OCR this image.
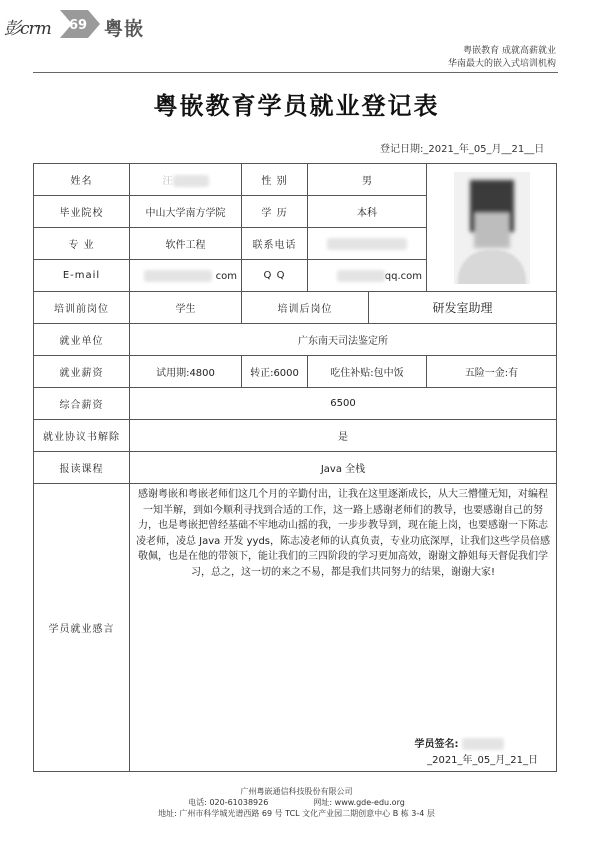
彭crm 69 粤嵌
粤嵌教育 成就高薪就业
华南最大的嵌入式培训机构
粤嵌教育学员就业登记表
登记日期:_2021_年_05_月__21__日
姓名	汪	性 别	男		

毕业院校	中山大学南方学院	学 历	本科		
专 业	软件工程	联系电话			
E-mail	com	Q Q	qq.com		
培训前岗位	学生	培训后岗位		研发室助理	
就业单位	广东南天司法鉴定所				
就业薪资	试用期:4800	转正:6000	吃住补贴:包中饭		五险一金:有
综合薪资	6500				
就业协议书解除	是				
报读课程	Java 全栈				
学员就业感言	感谢粤嵌和粤嵌老师们这几个月的辛勤付出，让我在这里逐渐成长，从大三懵懂无知，对编程一知半解，到如今顺利寻找到合适的工作，这一路上感谢老师们的教导，也要感谢自己的努力，也是粤嵌把曾经基础不牢地动山摇的我，一步步教导到，现在能上岗，也要感谢一下陈志凌老师，凌总 Java 开发 yyds，陈志凌老师的认真负责，专业功底深厚，让我们这些学员倍感敬佩，也是在他的带领下，能让我们的三四阶段的学习更加高效，谢谢文静姐每天督促我们学习，总之，这一切的来之不易，都是我们共同努力的结果，谢谢大家!
学员签名:
_2021_年_05_月_21_日				
广州粤嵌通信科技股份有限公司
电话: 020-61038926	网址: www.gde-edu.org
地址: 广州市科学城光谱西路 69 号 TCL 文化产业园二期创意中心 B 栋 3-4 层
